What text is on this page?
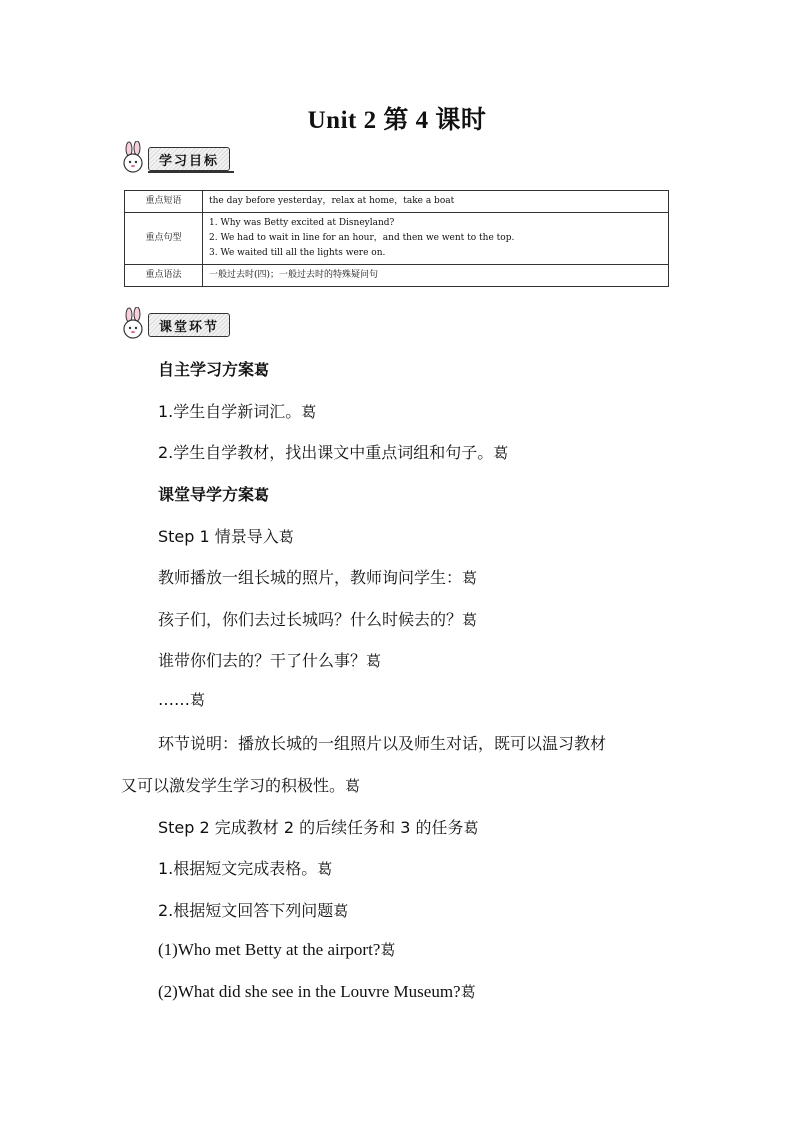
Unit 2 第 4 课时
学习目标
重点短语	the day before yesterday，relax at home，take a boat

重点句型	1. Why was Betty excited at Disneyland?
2. We had to wait in line for an hour，and then we went to the top.
3. We waited till all the lights were on.

重点语法	一般过去时(四)；一般过去时的特殊疑问句
课堂环节
自主学习方案葛
1.学生自学新词汇。葛
2.学生自学教材，找出课文中重点词组和句子。葛
课堂导学方案葛
Step 1 情景导入葛
教师播放一组长城的照片，教师询问学生：葛
孩子们，你们去过长城吗？什么时候去的？葛
谁带你们去的？干了什么事？葛
……葛
环节说明：播放长城的一组照片以及师生对话，既可以温习教材
又可以激发学生学习的积极性。葛
Step 2 完成教材 2 的后续任务和 3 的任务葛
1.根据短文完成表格。葛
2.根据短文回答下列问题葛
(1)Who met Betty at the airport?葛
(2)What did she see in the Louvre Museum?葛
